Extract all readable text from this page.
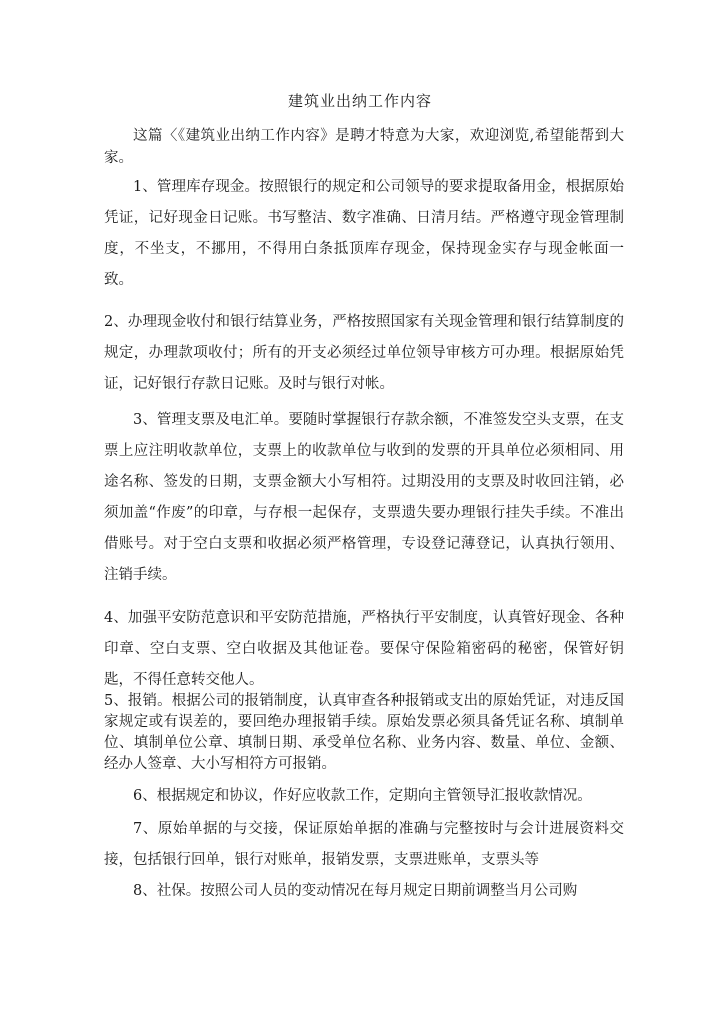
建筑业出纳工作内容

这篇〈《建筑业出纳工作内容》是聘才特意为大家，欢迎浏览,希望能帮到大家。

1、管理库存现金。按照银行的规定和公司领导的要求提取备用金，根据原始凭证，记好现金日记账。书写整洁、数字准确、日清月结。严格遵守现金管理制度，不坐支，不挪用，不得用白条抵顶库存现金，保持现金实存与现金帐面一致。

2、办理现金收付和银行结算业务，严格按照国家有关现金管理和银行结算制度的规定，办理款项收付；所有的开支必须经过单位领导审核方可办理。根据原始凭证，记好银行存款日记账。及时与银行对帐。

3、管理支票及电汇单。要随时掌握银行存款余额，不准签发空头支票，在支票上应注明收款单位，支票上的收款单位与收到的发票的开具单位必须相同、用途名称、签发的日期，支票金额大小写相符。过期没用的支票及时收回注销，必须加盖“作废”的印章，与存根一起保存，支票遗失要办理银行挂失手续。不准出借账号。对于空白支票和收据必须严格管理，专设登记薄登记，认真执行领用、注销手续。

4、加强平安防范意识和平安防范措施，严格执行平安制度，认真管好现金、各种印章、空白支票、空白收据及其他证卷。要保守保险箱密码的秘密，保管好钥匙，不得任意转交他人。

5、报销。根据公司的报销制度，认真审查各种报销或支出的原始凭证，对违反国家规定或有误差的，要回绝办理报销手续。原始发票必须具备凭证名称、填制单位、填制单位公章、填制日期、承受单位名称、业务内容、数量、单位、金额、经办人签章、大小写相符方可报销。

6、根据规定和协议，作好应收款工作，定期向主管领导汇报收款情况。

7、原始单据的与交接，保证原始单据的准确与完整按时与会计进展资料交接，包括银行回单，银行对账单，报销发票，支票进账单，支票头等

8、社保。按照公司人员的变动情况在每月规定日期前调整当月公司购
